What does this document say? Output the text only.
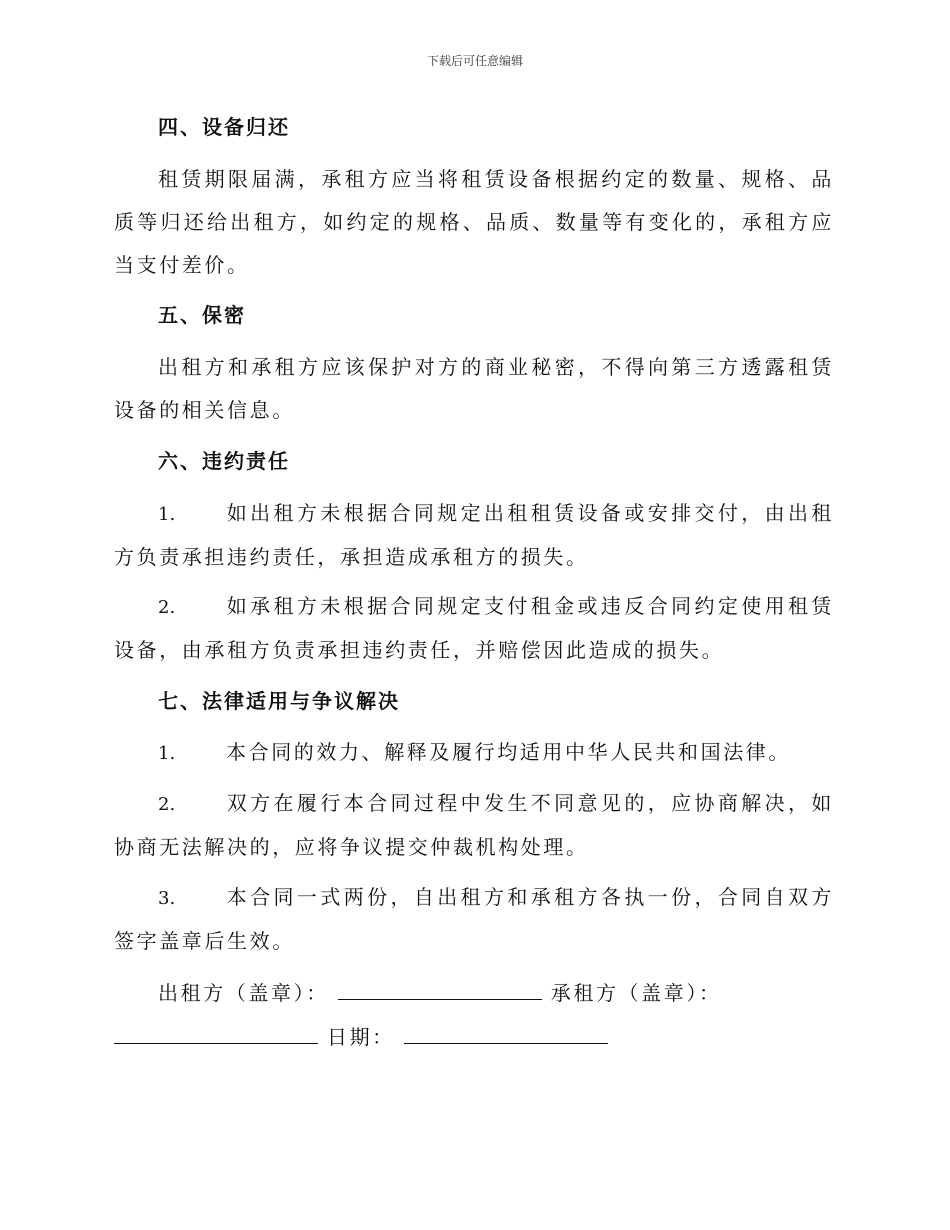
下载后可任意编辑
四、设备归还

租赁期限届满，承租方应当将租赁设备根据约定的数量、规格、品质等归还给出租方，如约定的规格、品质、数量等有变化的，承租方应当支付差价。

五、保密

出租方和承租方应该保护对方的商业秘密，不得向第三方透露租赁设备的相关信息。

六、违约责任

1.	如出租方未根据合同规定出租租赁设备或安排交付，由出租方负责承担违约责任，承担造成承租方的损失。

2.	如承租方未根据合同规定支付租金或违反合同约定使用租赁设备，由承租方负责承担违约责任，并赔偿因此造成的损失。

七、法律适用与争议解决

1.	本合同的效力、解释及履行均适用中华人民共和国法律。

2.	双方在履行本合同过程中发生不同意见的，应协商解决，如协商无法解决的，应将争议提交仲裁机构处理。

3.	本合同一式两份，自出租方和承租方各执一份，合同自双方签字盖章后生效。

出租方（盖章）：	承租方（盖章）：
日期：
